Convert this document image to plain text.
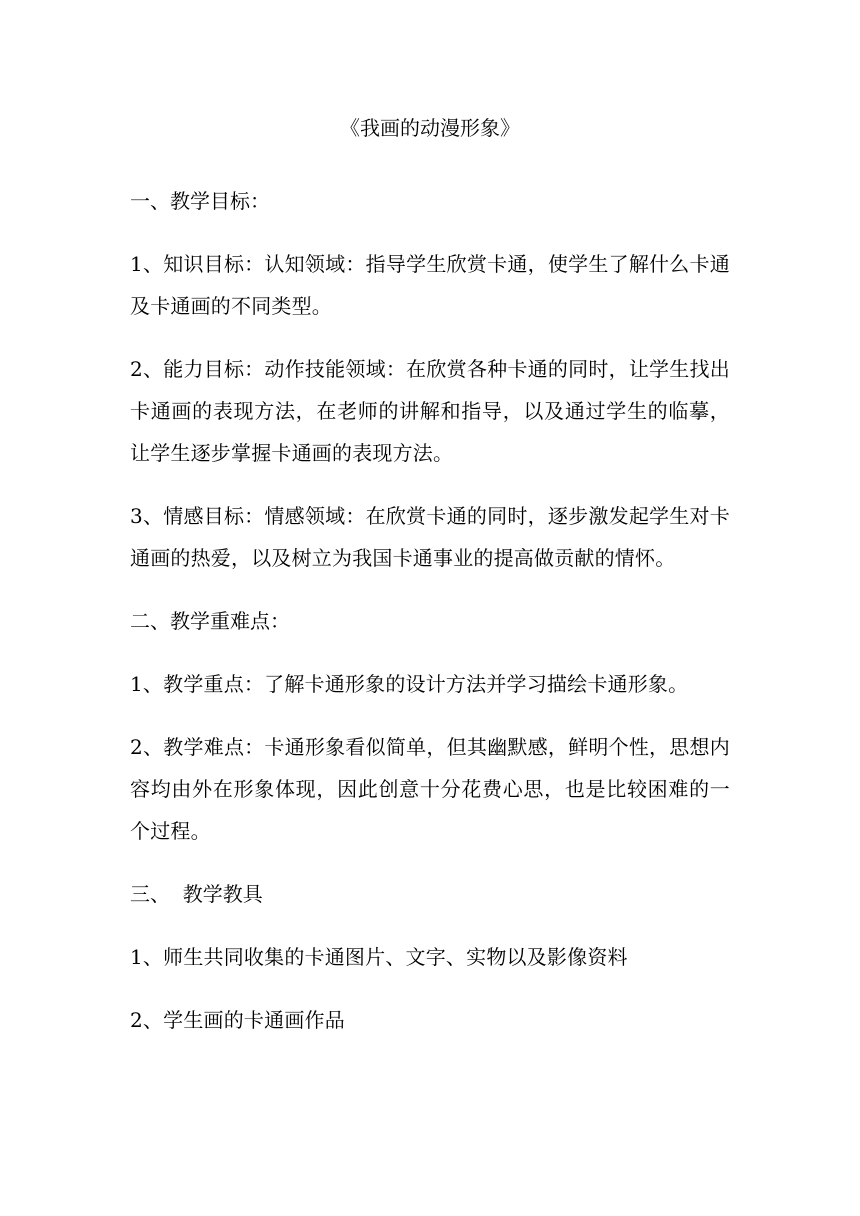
《我画的动漫形象》
一、教学目标：
1、知识目标：认知领域：指导学生欣赏卡通，使学生了解什么卡通及卡通画的不同类型。
2、能力目标：动作技能领域：在欣赏各种卡通的同时，让学生找出卡通画的表现方法，在老师的讲解和指导，以及通过学生的临摹，让学生逐步掌握卡通画的表现方法。
3、情感目标：情感领域：在欣赏卡通的同时，逐步激发起学生对卡通画的热爱，以及树立为我国卡通事业的提高做贡献的情怀。
二、教学重难点：
1、教学重点：了解卡通形象的设计方法并学习描绘卡通形象。
2、教学难点：卡通形象看似简单，但其幽默感，鲜明个性，思想内容均由外在形象体现，因此创意十分花费心思，也是比较困难的一个过程。
三、  教学教具
1、师生共同收集的卡通图片、文字、实物以及影像资料
2、学生画的卡通画作品
